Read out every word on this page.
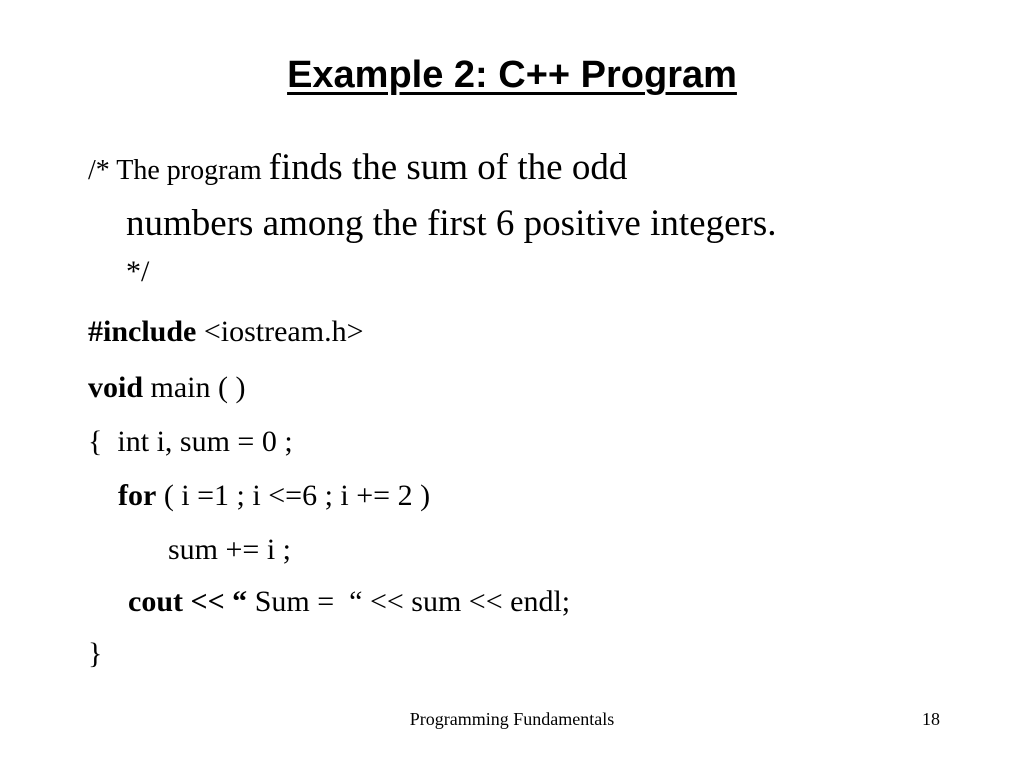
Example 2: C++ Program
/* The program finds the sum of the odd
numbers among the first 6 positive integers.
*/
#include <iostream.h>
void main ( )
{  int i, sum = 0 ;
for ( i =1 ; i <=6 ; i += 2 )
sum += i ;
cout << “ Sum =  “ << sum << endl;
}
Programming Fundamentals	18
